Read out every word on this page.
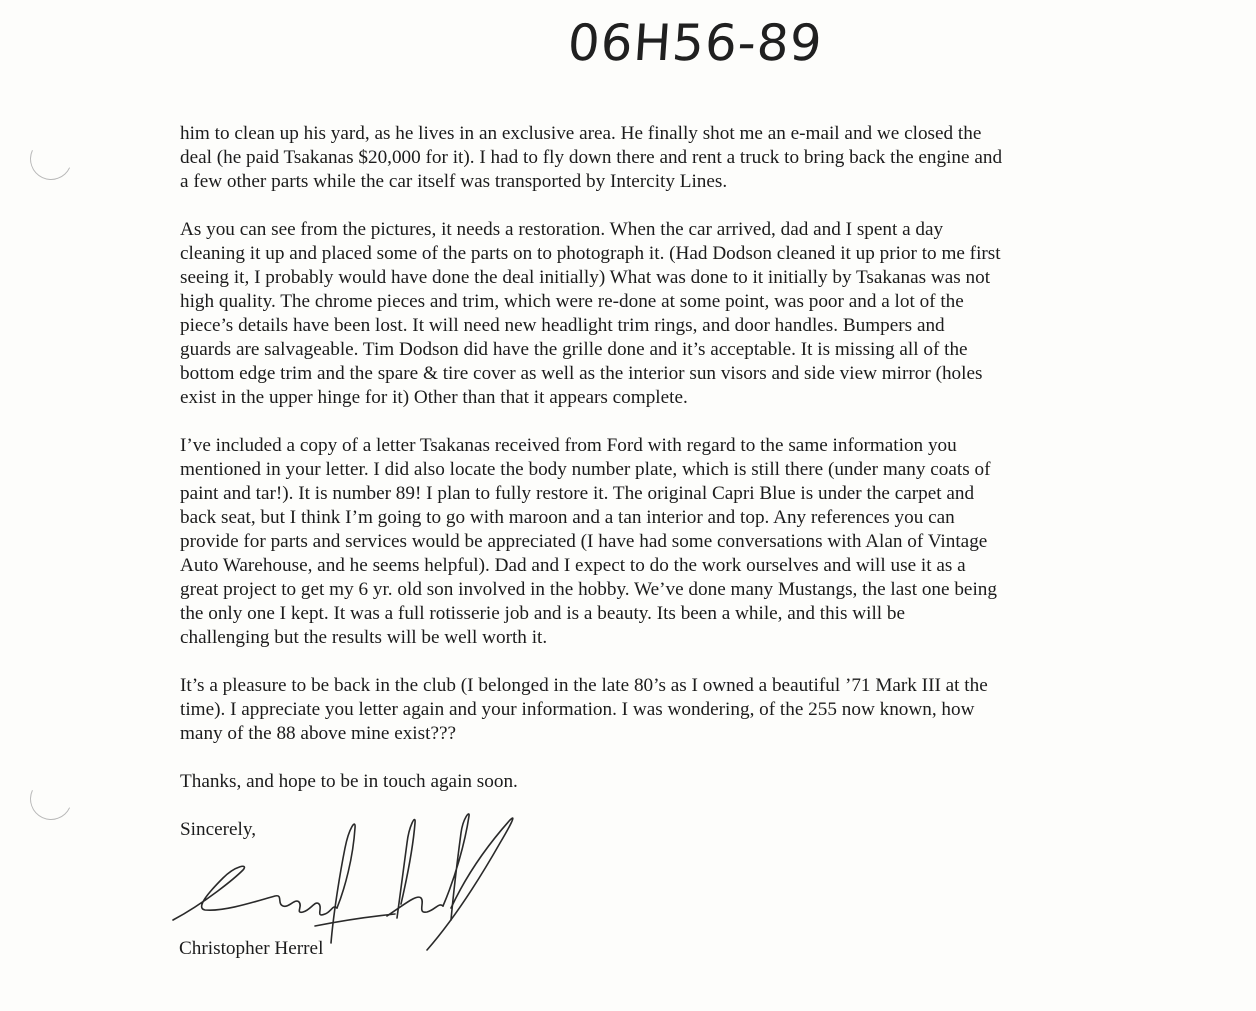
06H56-89

him to clean up his yard, as he lives in an exclusive area. He finally shot me an e-mail and we closed the
deal (he paid Tsakanas $20,000 for it). I had to fly down there and rent a truck to bring back the engine and
a few other parts while the car itself was transported by Intercity Lines.

As you can see from the pictures, it needs a restoration. When the car arrived, dad and I spent a day
cleaning it up and placed some of the parts on to photograph it. (Had Dodson cleaned it up prior to me first
seeing it, I probably would have done the deal initially) What was done to it initially by Tsakanas was not
high quality. The chrome pieces and trim, which were re-done at some point, was poor and a lot of the
piece’s details have been lost. It will need new headlight trim rings, and door handles. Bumpers and
guards are salvageable. Tim Dodson did have the grille done and it’s acceptable. It is missing all of the
bottom edge trim and the spare & tire cover as well as the interior sun visors and side view mirror (holes
exist in the upper hinge for it) Other than that it appears complete.

I’ve included a copy of a letter Tsakanas received from Ford with regard to the same information you
mentioned in your letter. I did also locate the body number plate, which is still there (under many coats of
paint and tar!). It is number 89! I plan to fully restore it. The original Capri Blue is under the carpet and
back seat, but I think I’m going to go with maroon and a tan interior and top. Any references you can
provide for parts and services would be appreciated (I have had some conversations with Alan of Vintage
Auto Warehouse, and he seems helpful). Dad and I expect to do the work ourselves and will use it as a
great project to get my 6 yr. old son involved in the hobby. We’ve done many Mustangs, the last one being
the only one I kept. It was a full rotisserie job and is a beauty. Its been a while, and this will be
challenging but the results will be well worth it.

It’s a pleasure to be back in the club (I belonged in the late 80’s as I owned a beautiful ’71 Mark III at the
time). I appreciate you letter again and your information. I was wondering, of the 255 now known, how
many of the 88 above mine exist???

Thanks, and hope to be in touch again soon.

Sincerely,

Christopher Herrel
